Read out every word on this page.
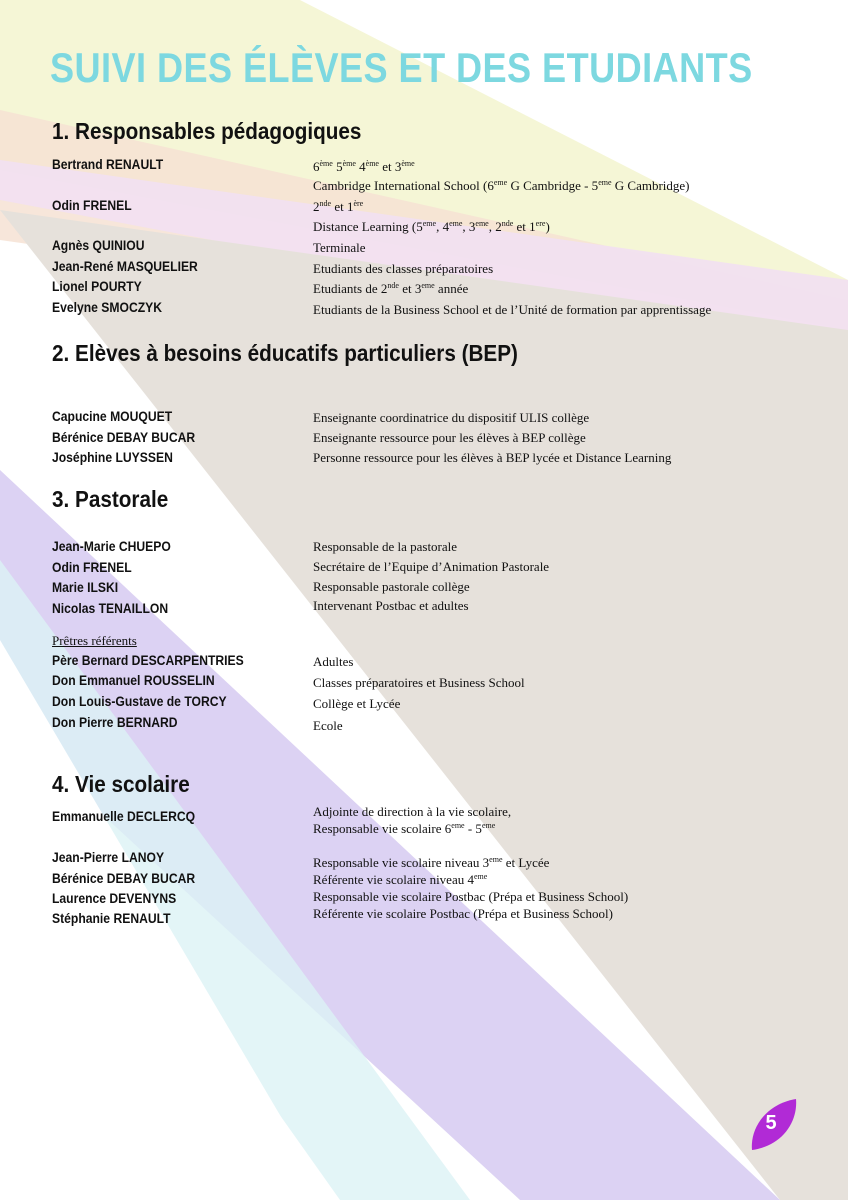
SUIVI DES ÉLÈVES ET DES ETUDIANTS
1. Responsables pédagogiques
Bertrand RENAULT	6ème 5ème 4ème et 3ème
Cambridge International School (6eme G Cambridge - 5eme G Cambridge)
Odin FRENEL	2nde et 1ère
Distance Learning (5eme, 4eme, 3eme, 2nde et 1ere)
Agnès QUINIOU	Terminale
Jean-René MASQUELIER	Etudiants des classes préparatoires
Lionel POURTY	Etudiants de 2nde et 3eme année
Evelyne SMOCZYK	Etudiants de la Business School et de l’Unité de formation par apprentissage
2. Elèves à besoins éducatifs particuliers (BEP)
Capucine MOUQUET	Enseignante coordinatrice du dispositif ULIS collège
Bérénice DEBAY BUCAR	Enseignante ressource pour les élèves à BEP collège
Joséphine LUYSSEN	Personne ressource pour les élèves à BEP lycée et Distance Learning
3. Pastorale
Jean-Marie CHUEPO	Responsable de la pastorale
Odin FRENEL	Secrétaire de l’Equipe d’Animation Pastorale
Marie ILSKI	Responsable pastorale collège
Nicolas TENAILLON	Intervenant Postbac et adultes
Prêtres référents
Père Bernard DESCARPENTRIES	Adultes
Don Emmanuel ROUSSELIN	Classes préparatoires et Business School
Don Louis-Gustave de TORCY	Collège et Lycée
Don Pierre BERNARD	Ecole
4. Vie scolaire
Emmanuelle DECLERCQ	Adjointe de direction à la vie scolaire,
Responsable vie scolaire 6eme - 5eme
Jean-Pierre LANOY	Responsable vie scolaire niveau 3eme et Lycée
Bérénice DEBAY BUCAR	Référente vie scolaire niveau 4eme
Laurence DEVENYNS	Responsable vie scolaire Postbac (Prépa et Business School)
Stéphanie RENAULT	Référente vie scolaire Postbac (Prépa et Business School)
5
